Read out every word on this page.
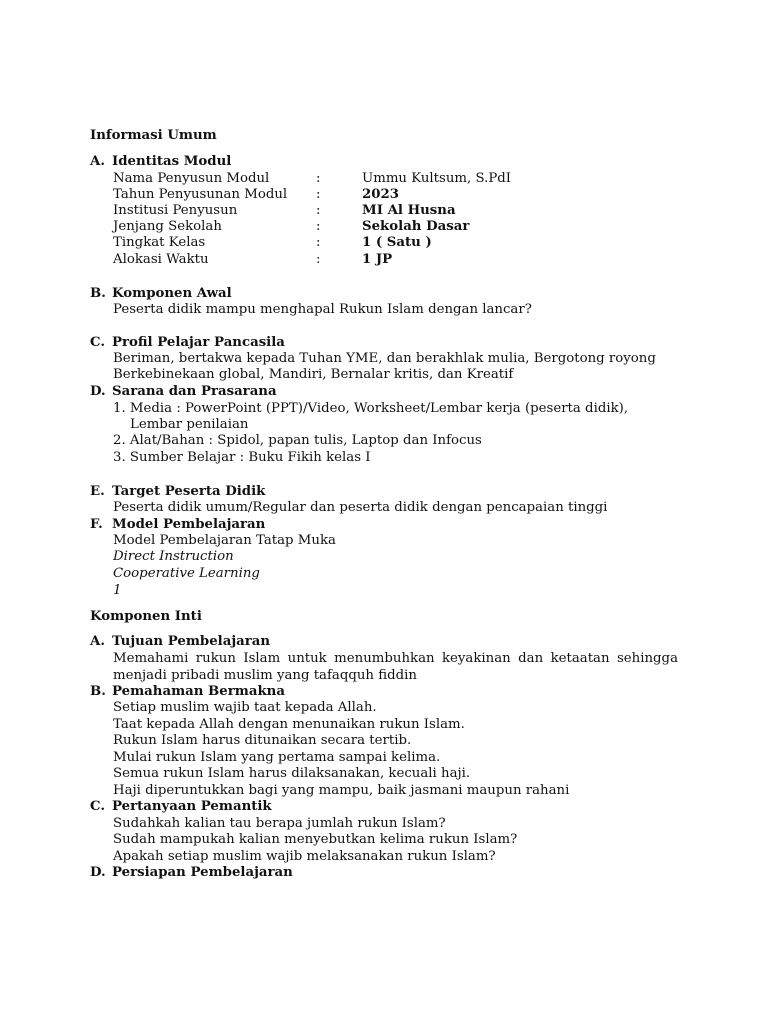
Informasi Umum
A. Identitas Modul
Nama Penyusun Modul	:	Ummu Kultsum, S.PdI
Tahun Penyusunan Modul :	2023
Institusi Penyusun	:	MI Al Husna
Jenjang Sekolah	:	Sekolah Dasar
Tingkat Kelas	:	1 ( Satu )
Alokasi Waktu	:	1 JP
B. Komponen Awal
Peserta didik mampu menghapal Rukun Islam dengan lancar?
C. Profil Pelajar Pancasila
Beriman, bertakwa kepada Tuhan YME, dan berakhlak mulia, Bergotong royong
Berkebinekaan global, Mandiri, Bernalar kritis, dan Kreatif
D. Sarana dan Prasarana
1. Media : PowerPoint (PPT)/Video, Worksheet/Lembar kerja (peserta didik),
Lembar penilaian
2. Alat/Bahan : Spidol, papan tulis, Laptop dan Infocus
3. Sumber Belajar : Buku Fikih kelas I
E. Target Peserta Didik
Peserta didik umum/Regular dan peserta didik dengan pencapaian tinggi
F. Model Pembelajaran
Model Pembelajaran Tatap Muka
Direct Instruction
Cooperative Learning
1
Komponen Inti
A. Tujuan Pembelajaran
Memahami rukun Islam untuk menumbuhkan keyakinan dan ketaatan sehingga
menjadi pribadi muslim yang tafaqquh fiddin
B. Pemahaman Bermakna
Setiap muslim wajib taat kepada Allah.
Taat kepada Allah dengan menunaikan rukun Islam.
Rukun Islam harus ditunaikan secara tertib.
Mulai rukun Islam yang pertama sampai kelima.
Semua rukun Islam harus dilaksanakan, kecuali haji.
Haji diperuntukkan bagi yang mampu, baik jasmani maupun rahani
C. Pertanyaan Pemantik
Sudahkah kalian tau berapa jumlah rukun Islam?
Sudah mampukah kalian menyebutkan kelima rukun Islam?
Apakah setiap muslim wajib melaksanakan rukun Islam?
D. Persiapan Pembelajaran
